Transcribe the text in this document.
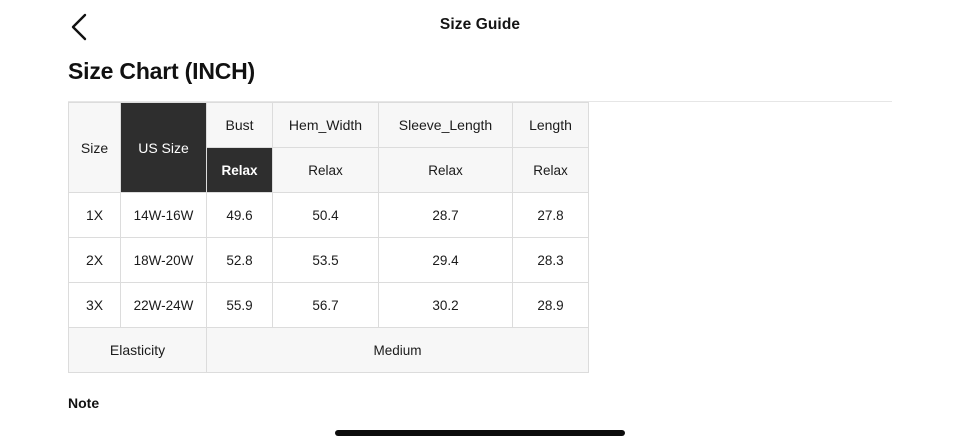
Size Guide
Size Chart (INCH)
Size	US Size	Bust	Hem_Width	Sleeve_Length	Length
		Relax	Relax	Relax	Relax
1X	14W-16W	49.6	50.4	28.7	27.8
2X	18W-20W	52.8	53.5	29.4	28.3
3X	22W-24W	55.9	56.7	30.2	28.9
Elasticity		Medium			
Note
